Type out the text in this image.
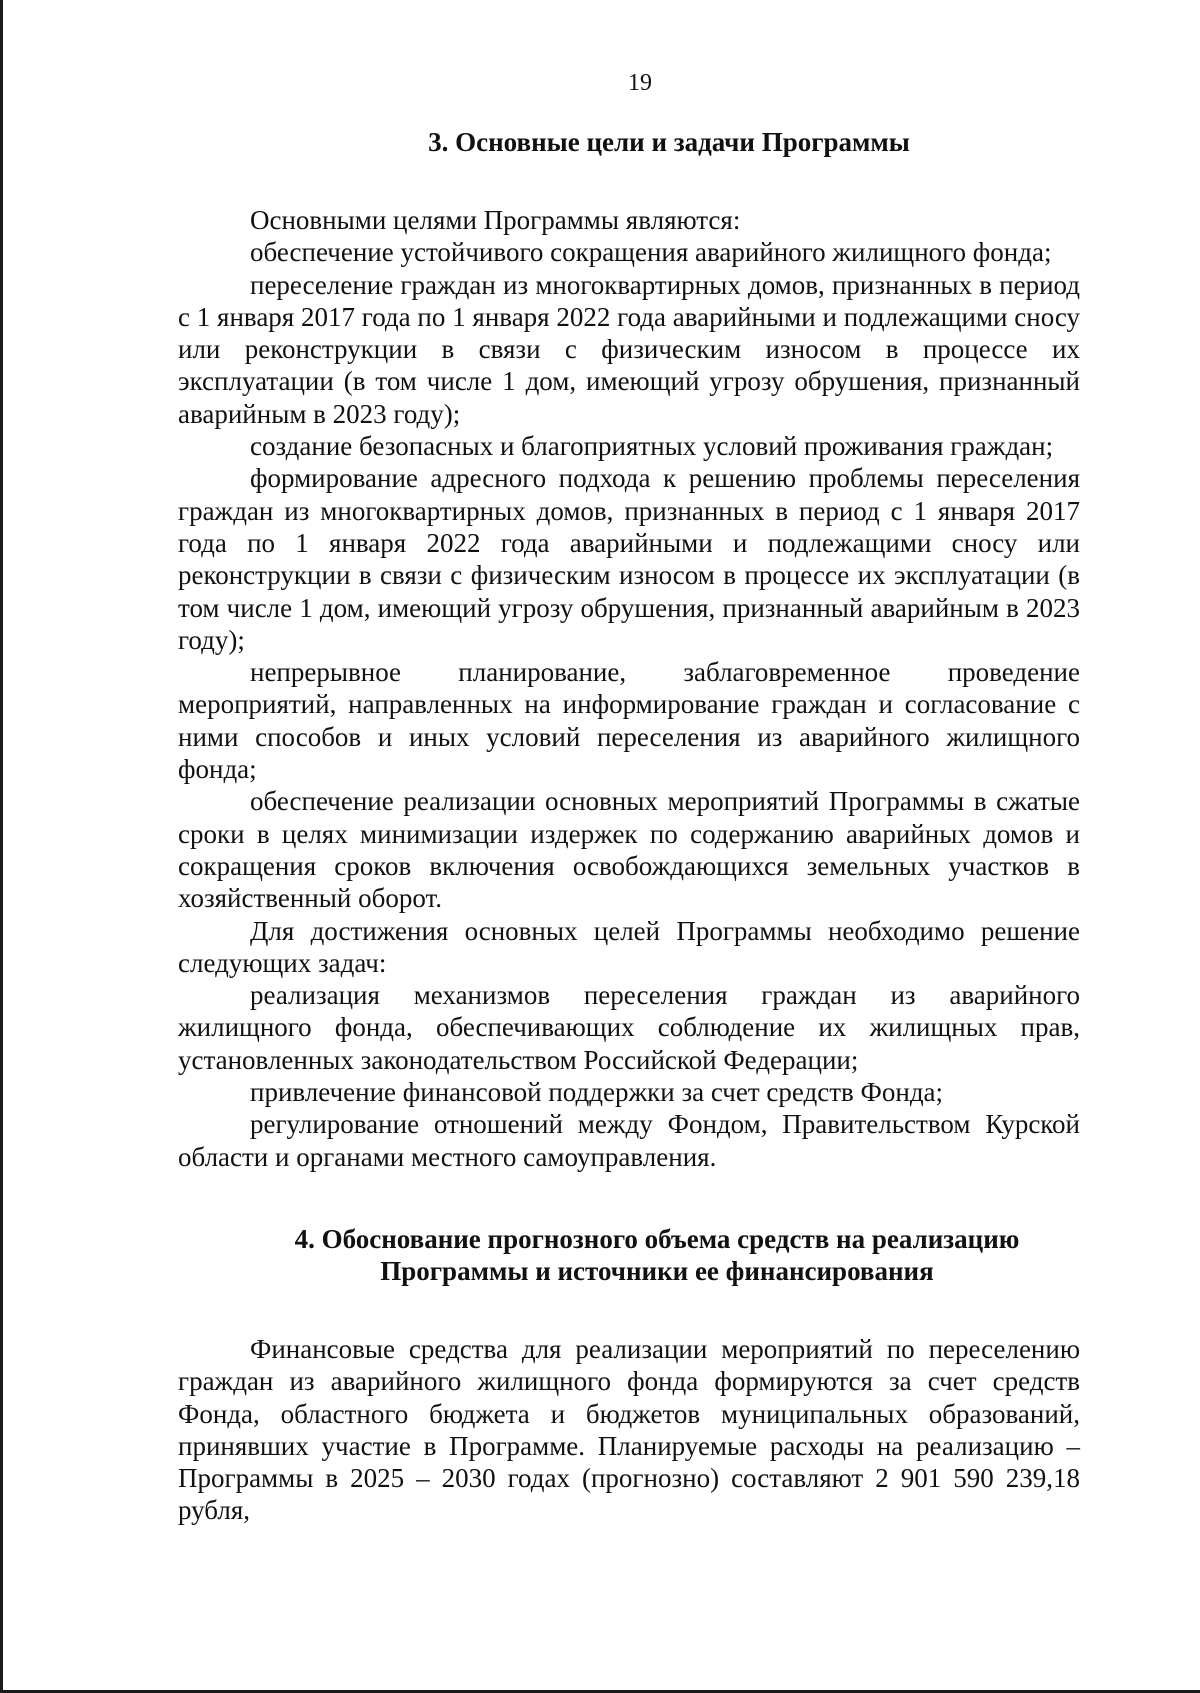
19
3. Основные цели и задачи Программы

Основными целями Программы являются:

обеспечение устойчивого сокращения аварийного жилищного фонда;

переселение граждан из многоквартирных домов, признанных в период с 1 января 2017 года по 1 января 2022 года аварийными и подлежащими сносу или реконструкции в связи с физическим износом в процессе их эксплуатации (в том числе 1 дом, имеющий угрозу обрушения, признанный аварийным в 2023 году);

создание безопасных и благоприятных условий проживания граждан;

формирование адресного подхода к решению проблемы переселения граждан из многоквартирных домов, признанных в период с 1 января 2017 года по 1 января 2022 года аварийными и подлежащими сносу или реконструкции в связи с физическим износом в процессе их эксплуатации (в том числе 1 дом, имеющий угрозу обрушения, признанный аварийным в 2023 году);

непрерывное планирование, заблаговременное проведение мероприятий, направленных на информирование граждан и согласование с ними способов и иных условий переселения из аварийного жилищного фонда;

обеспечение реализации основных мероприятий Программы в сжатые сроки в целях минимизации издержек по содержанию аварийных домов и сокращения сроков включения освобождающихся земельных участков в хозяйственный оборот.

Для достижения основных целей Программы необходимо решение следующих задач:

реализация механизмов переселения граждан из аварийного жилищного фонда, обеспечивающих соблюдение их жилищных прав, установленных законодательством Российской Федерации;

привлечение финансовой поддержки за счет средств Фонда;

регулирование отношений между Фондом, Правительством Курской области и органами местного самоуправления.

4. Обоснование прогнозного объема средств на реализацию
Программы и источники ее финансирования

Финансовые средства для реализации мероприятий по переселению граждан из аварийного жилищного фонда формируются за счет средств Фонда, областного бюджета и бюджетов муниципальных образований, принявших участие в Программе. Планируемые расходы на реализацию – Программы в 2025 – 2030 годах (прогнозно) составляют 2 901 590 239,18 рубля,
